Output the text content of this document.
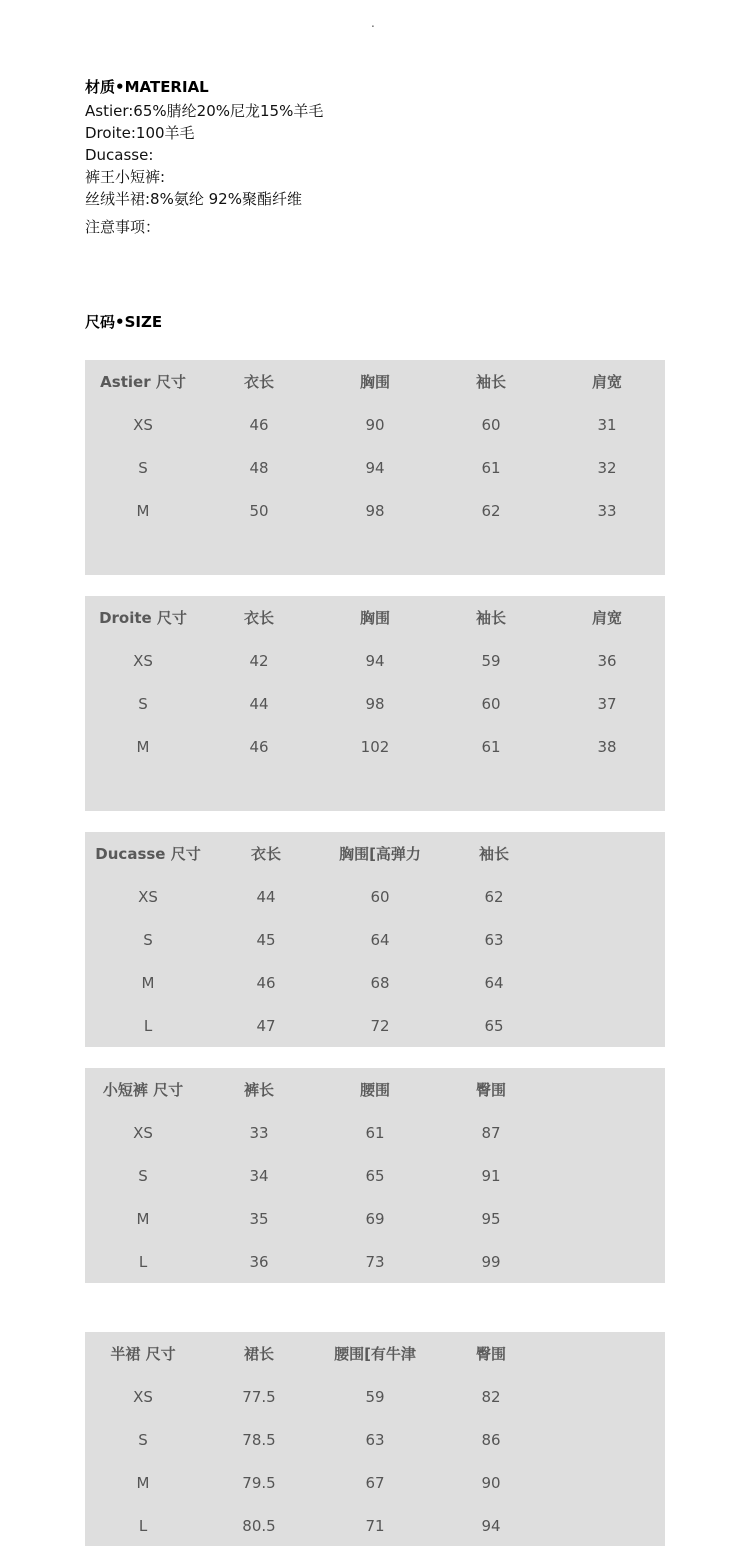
.
材质•MATERIAL
Astier:65%腈纶20%尼龙15%羊毛
Droite:100羊毛
Ducasse:
裤王小短裤:
丝绒半裙:8%氨纶 92%聚酯纤维
注意事项：
尺码•SIZE
Astier 尺寸	衣长	胸围	袖长	肩宽
XS	46	90	60	31
S	48	94	61	32
M	50	98	62	33
Droite 尺寸	衣长	胸围	袖长	肩宽
XS	42	94	59	36
S	44	98	60	37
M	46	102	61	38
Ducasse 尺寸	衣长	胸围[高弹力	袖长
XS	44	60	62
S	45	64	63
M	46	68	64
L	47	72	65
小短裤 尺寸	裤长	腰围	臀围
XS	33	61	87
S	34	65	91
M	35	69	95
L	36	73	99
半裙 尺寸	裙长	腰围[有牛津	臀围
XS	77.5	59	82
S	78.5	63	86
M	79.5	67	90
L	80.5	71	94
